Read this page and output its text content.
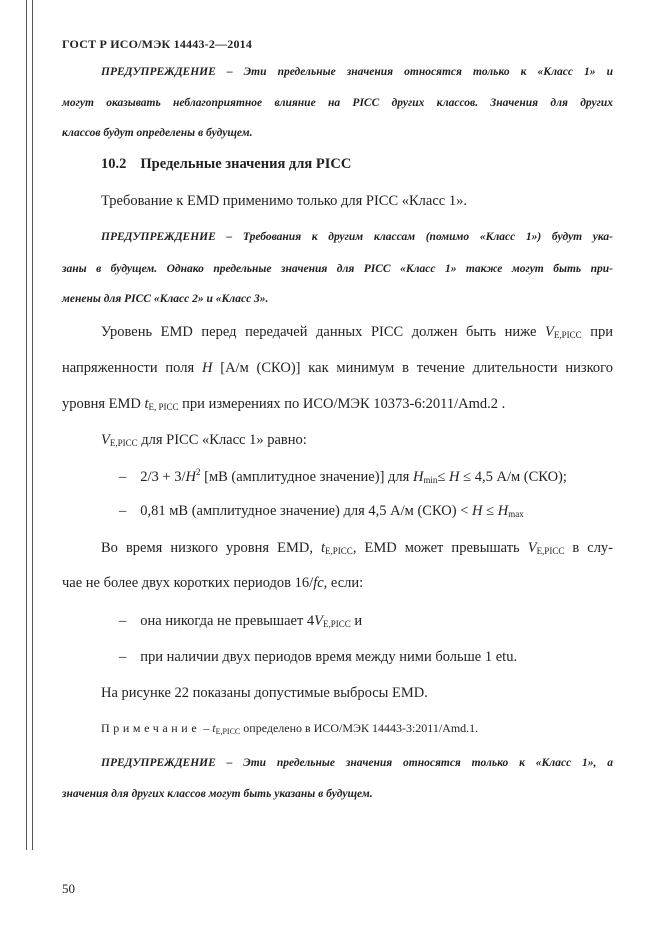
ГОСТ Р ИСО/МЭК 14443-2—2014
ПРЕДУПРЕЖДЕНИЕ – Эти предельные значения относятся только к «Класс 1» и
могут оказывать неблагоприятное влияние на PICC других классов. Значения для других
классов будут определены в будущем.
10.2 Предельные значения для PICC
Требование к EMD применимо только для PICC «Класс 1».
ПРЕДУПРЕЖДЕНИЕ – Требования к другим классам (помимо «Класс 1») будут ука-
заны в будущем. Однако предельные значения для PICC «Класс 1» также могут быть при-
менены для PICC «Класс 2» и «Класс 3».
Уровень EMD перед передачей данных PICC должен быть ниже $V_{E,PICC}$ при
напряженности поля H [А/м (СКО)] как минимум в течение длительности низкого
уровня EMD $t_{E, PICC}$ при измерениях по ИСО/МЭК 10373-6:2011/Amd.2 .
$V_{E,PICC}$ для PICC «Класс 1» равно:
– $2/3 + 3/H^2$ [мВ (амплитудное значение)] для $H_{min}\le H \le 4,5$ А/м (СКО);
– 0,81 мВ (амплитудное значение) для 4,5 А/м $(СКО) < H \le H_{max}$
Во время низкого уровня EMD, $t_{E,PICC}$, EMD может превышать $V_{E,PICC}$ в слу-
чае не более двух коротких периодов 16/fc, если:
– она никогда не превышает $4V_{E,PICC}$ и
– при наличии двух периодов время между ними больше 1 etu.
На рисунке 22 показаны допустимые выбросы EMD.
Примечание – $t_{E,PICC}$ определено в ИСО/МЭК 14443-3:2011/Amd.1.
ПРЕДУПРЕЖДЕНИЕ – Эти предельные значения относятся только к «Класс 1», а
значения для других классов могут быть указаны в будущем.
50
